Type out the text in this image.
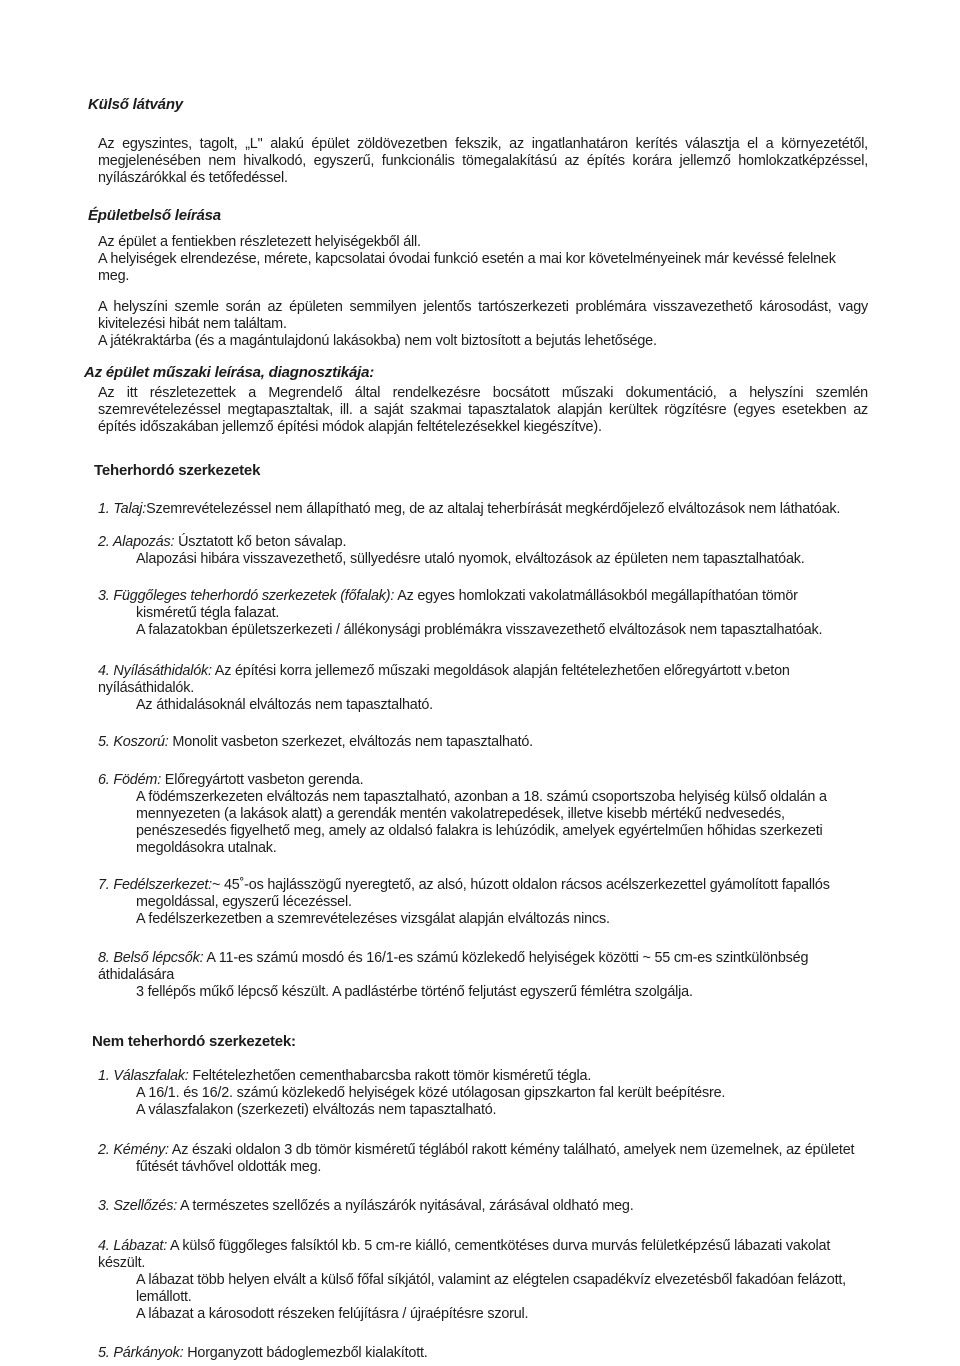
Külső látvány

Az egyszintes, tagolt, „L" alakú épület zöldövezetben fekszik, az ingatlanhatáron kerítés választja el a környezetétől, megjelenésében nem hivalkodó, egyszerű, funkcionális tömegalakítású az építés korára jellemző homlokzatképzéssel, nyílászárókkal és tetőfedéssel.

Épületbelső leírása

Az épület a fentiekben részletezett helyiségekből áll.

A helyiségek elrendezése, mérete, kapcsolatai óvodai funkció esetén a mai kor követelményeinek már kevéssé felelnek meg.

A helyszíni szemle során az épületen semmilyen jelentős tartószerkezeti problémára visszavezethető károsodást, vagy kivitelezési hibát nem találtam.

A játékraktárba (és a magántulajdonú lakásokba) nem volt biztosított a bejutás lehetősége.

Az épület műszaki leírása, diagnosztikája:

Az itt részletezettek a Megrendelő által rendelkezésre bocsátott műszaki dokumentáció, a helyszíni szemlén szemrevételezéssel megtapasztaltak, ill. a saját szakmai tapasztalatok alapján kerültek rögzítésre (egyes esetekben az építés időszakában jellemző építési módok alapján feltételezésekkel kiegészítve).

Teherhordó szerkezetek

1. Talaj:Szemrevételezéssel nem állapítható meg, de az altalaj teherbírását megkérdőjelező elváltozások nem láthatóak.

2. Alapozás: Úsztatott kő beton sávalap.

Alapozási hibára visszavezethető, süllyedésre utaló nyomok, elváltozások az épületen nem tapasztalhatóak.

3. Függőleges teherhordó szerkezetek (főfalak): Az egyes homlokzati vakolatmállásokból megállapíthatóan tömör

kisméretű tégla falazat.

A falazatokban épületszerkezeti / állékonysági problémákra visszavezethető elváltozások nem tapasztalhatóak.

4. Nyílásáthidalók: Az építési korra jellemező műszaki megoldások alapján feltételezhetően előregyártott v.beton nyílásáthidalók.

Az áthidalásoknál elváltozás nem tapasztalható.

5. Koszorú: Monolit vasbeton szerkezet, elváltozás nem tapasztalható.

6. Födém: Előregyártott vasbeton gerenda.

A födémszerkezeten elváltozás nem tapasztalható, azonban a 18. számú csoportszoba helyiség külső oldalán a mennyezeten (a lakások alatt) a gerendák mentén vakolatrepedések, illetve kisebb mértékű nedvesedés, penészesedés figyelhető meg, amely az oldalsó falakra is lehúzódik, amelyek egyértelműen hőhidas szerkezeti megoldásokra utalnak.

7. Fedélszerkezet:~ 45˚-os hajlásszögű nyeregtető, az alsó, húzott oldalon rácsos acélszerkezettel gyámolított fapallós

megoldással, egyszerű lécezéssel.

A fedélszerkezetben a szemrevételezéses vizsgálat alapján elváltozás nincs.

8. Belső lépcsők: A 11-es számú mosdó és 16/1-es számú közlekedő helyiségek közötti ~ 55 cm-es szintkülönbség áthidalására

3 fellépős műkő lépcső készült. A padlástérbe történő feljutást egyszerű fémlétra szolgálja.

Nem teherhordó szerkezetek:

1. Válaszfalak: Feltételezhetően cementhabarcsba rakott tömör kisméretű tégla.

A 16/1. és 16/2. számú közlekedő helyiségek közé utólagosan gipszkarton fal került beépítésre.

A válaszfalakon (szerkezeti) elváltozás nem tapasztalható.

2. Kémény: Az északi oldalon 3 db tömör kisméretű téglából rakott kémény található, amelyek nem üzemelnek, az épületet

fűtését távhővel oldották meg.

3. Szellőzés: A természetes szellőzés a nyílászárók nyitásával, zárásával oldható meg.

4. Lábazat: A külső függőleges falsíktól kb. 5 cm-re kiálló, cementkötéses durva murvás felületképzésű lábazati vakolat készült.

A lábazat több helyen elvált a külső főfal síkjától, valamint az elégtelen csapadékvíz elvezetésből fakadóan felázott, lemállott.

A lábazat a károsodott részeken felújításra / újraépítésre szorul.

5. Párkányok: Horganyzott bádoglemezből kialakított.
